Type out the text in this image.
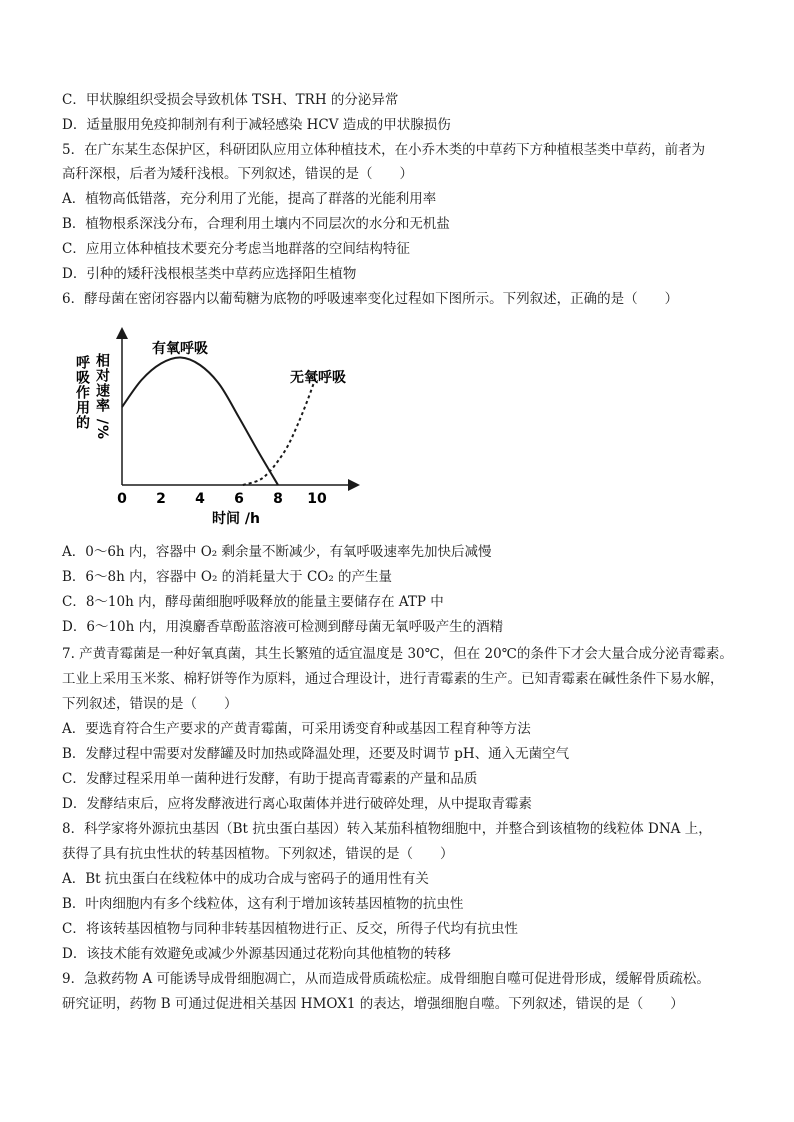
C．甲状腺组织受损会导致机体 TSH、TRH 的分泌异常
D．适量服用免疫抑制剂有利于减轻感染 HCV 造成的甲状腺损伤
5．在广东某生态保护区，科研团队应用立体种植技术，在小乔木类的中草药下方种植根茎类中草药，前者为
高秆深根，后者为矮秆浅根。下列叙述，错误的是（　　）
A．植物高低错落，充分利用了光能，提高了群落的光能利用率
B．植物根系深浅分布，合理利用土壤内不同层次的水分和无机盐
C．应用立体种植技术要充分考虑当地群落的空间结构特征
D．引种的矮秆浅根根茎类中草药应选择阳生植物
6．酵母菌在密闭容器内以葡萄糖为底物的呼吸速率变化过程如下图所示。下列叙述，正确的是（　　）
0 2 4 6 8 10
呼吸作用的 相对速率 /%
时间 /h
有氧呼吸
无氧呼吸
A．0～6h 内，容器中 O₂ 剩余量不断减少，有氧呼吸速率先加快后减慢
B．6～8h 内，容器中 O₂ 的消耗量大于 CO₂ 的产生量
C．8～10h 内，酵母菌细胞呼吸释放的能量主要储存在 ATP 中
D．6～10h 内，用溴麝香草酚蓝溶液可检测到酵母菌无氧呼吸产生的酒精
7. 产黄青霉菌是一种好氧真菌，其生长繁殖的适宜温度是 30℃，但在 20℃的条件下才会大量合成分泌青霉素。
工业上采用玉米浆、棉籽饼等作为原料，通过合理设计，进行青霉素的生产。已知青霉素在碱性条件下易水解，
下列叙述，错误的是（　　）
A．要选育符合生产要求的产黄青霉菌，可采用诱变育种或基因工程育种等方法
B．发酵过程中需要对发酵罐及时加热或降温处理，还要及时调节 pH、通入无菌空气
C．发酵过程采用单一菌种进行发酵，有助于提高青霉素的产量和品质
D．发酵结束后，应将发酵液进行离心取菌体并进行破碎处理，从中提取青霉素
8．科学家将外源抗虫基因（Bt 抗虫蛋白基因）转入某茄科植物细胞中，并整合到该植物的线粒体 DNA 上，
获得了具有抗虫性状的转基因植物。下列叙述，错误的是（　　）
A．Bt 抗虫蛋白在线粒体中的成功合成与密码子的通用性有关
B．叶肉细胞内有多个线粒体，这有利于增加该转基因植物的抗虫性
C．将该转基因植物与同种非转基因植物进行正、反交，所得子代均有抗虫性
D．该技术能有效避免或减少外源基因通过花粉向其他植物的转移
9．急救药物 A 可能诱导成骨细胞凋亡，从而造成骨质疏松症。成骨细胞自噬可促进骨形成，缓解骨质疏松。
研究证明，药物 B 可通过促进相关基因 HMOX1 的表达，增强细胞自噬。下列叙述，错误的是（　　）
